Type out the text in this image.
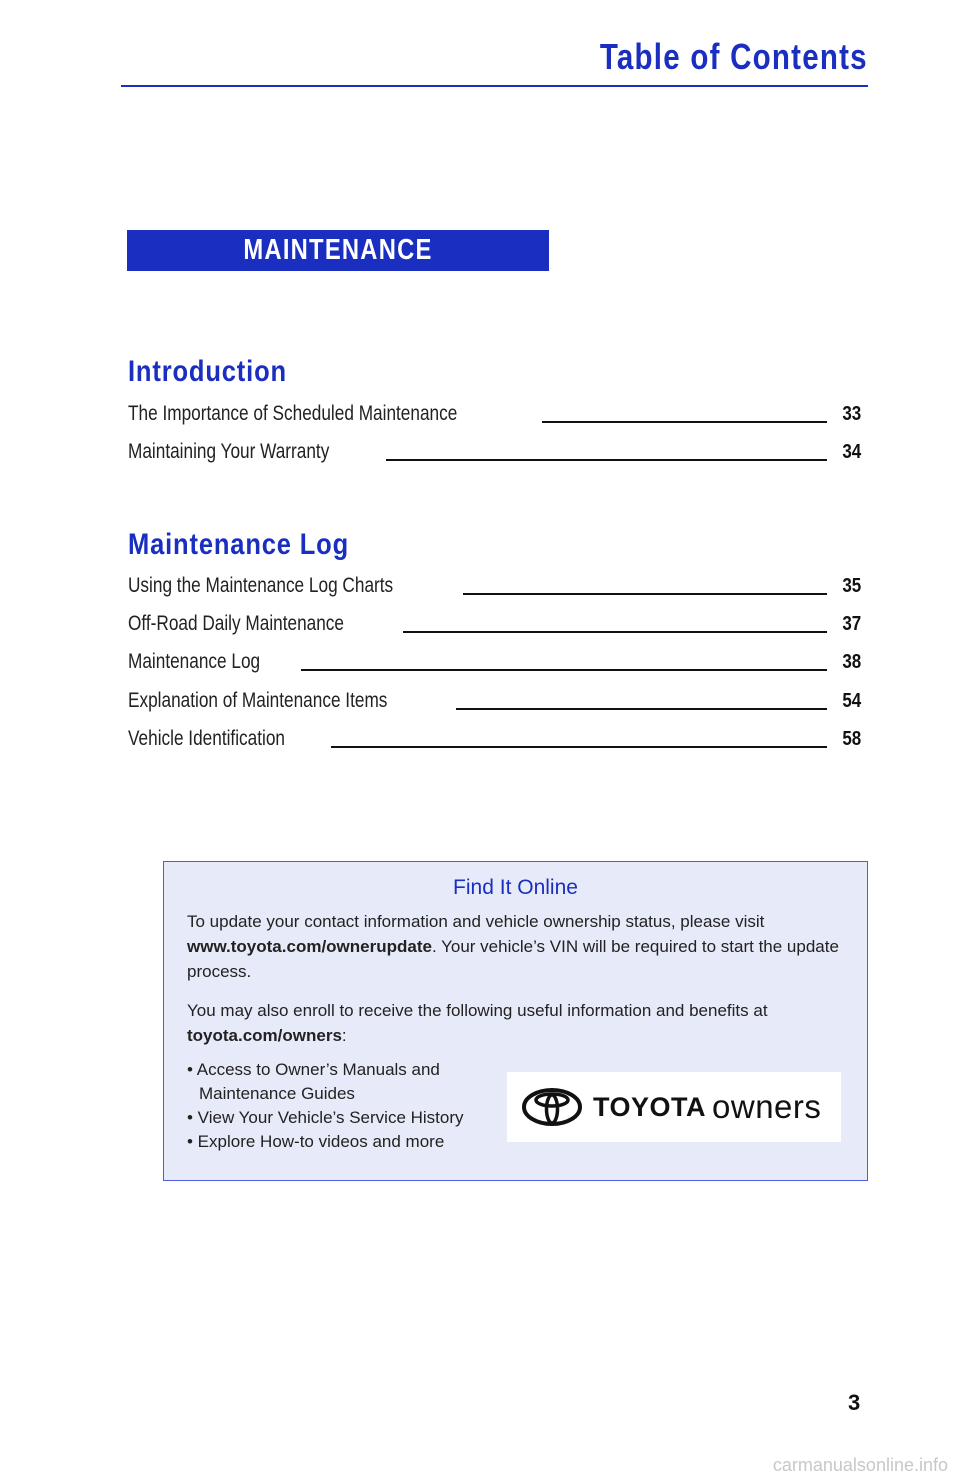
Table of Contents
MAINTENANCE INFORMATION
Introduction
The Importance of Scheduled Maintenance	33
Maintaining Your Warranty	34
Maintenance Log
Using the Maintenance Log Charts	35
Off-Road Daily Maintenance	37
Maintenance Log	38
Explanation of Maintenance Items	54
Vehicle Identification	58
Find It Online

To update your contact information and vehicle ownership status, please visit www.toyota.com/ownerupdate. Your vehicle’s VIN will be required to start the update process.

You may also enroll to receive the following useful information and benefits at toyota.com/owners:

• Access to Owner’s Manuals and Maintenance Guides
• View Your Vehicle’s Service History
• Explore How-to videos and more
TOYOTA owners
3
carmanualsonline.info
